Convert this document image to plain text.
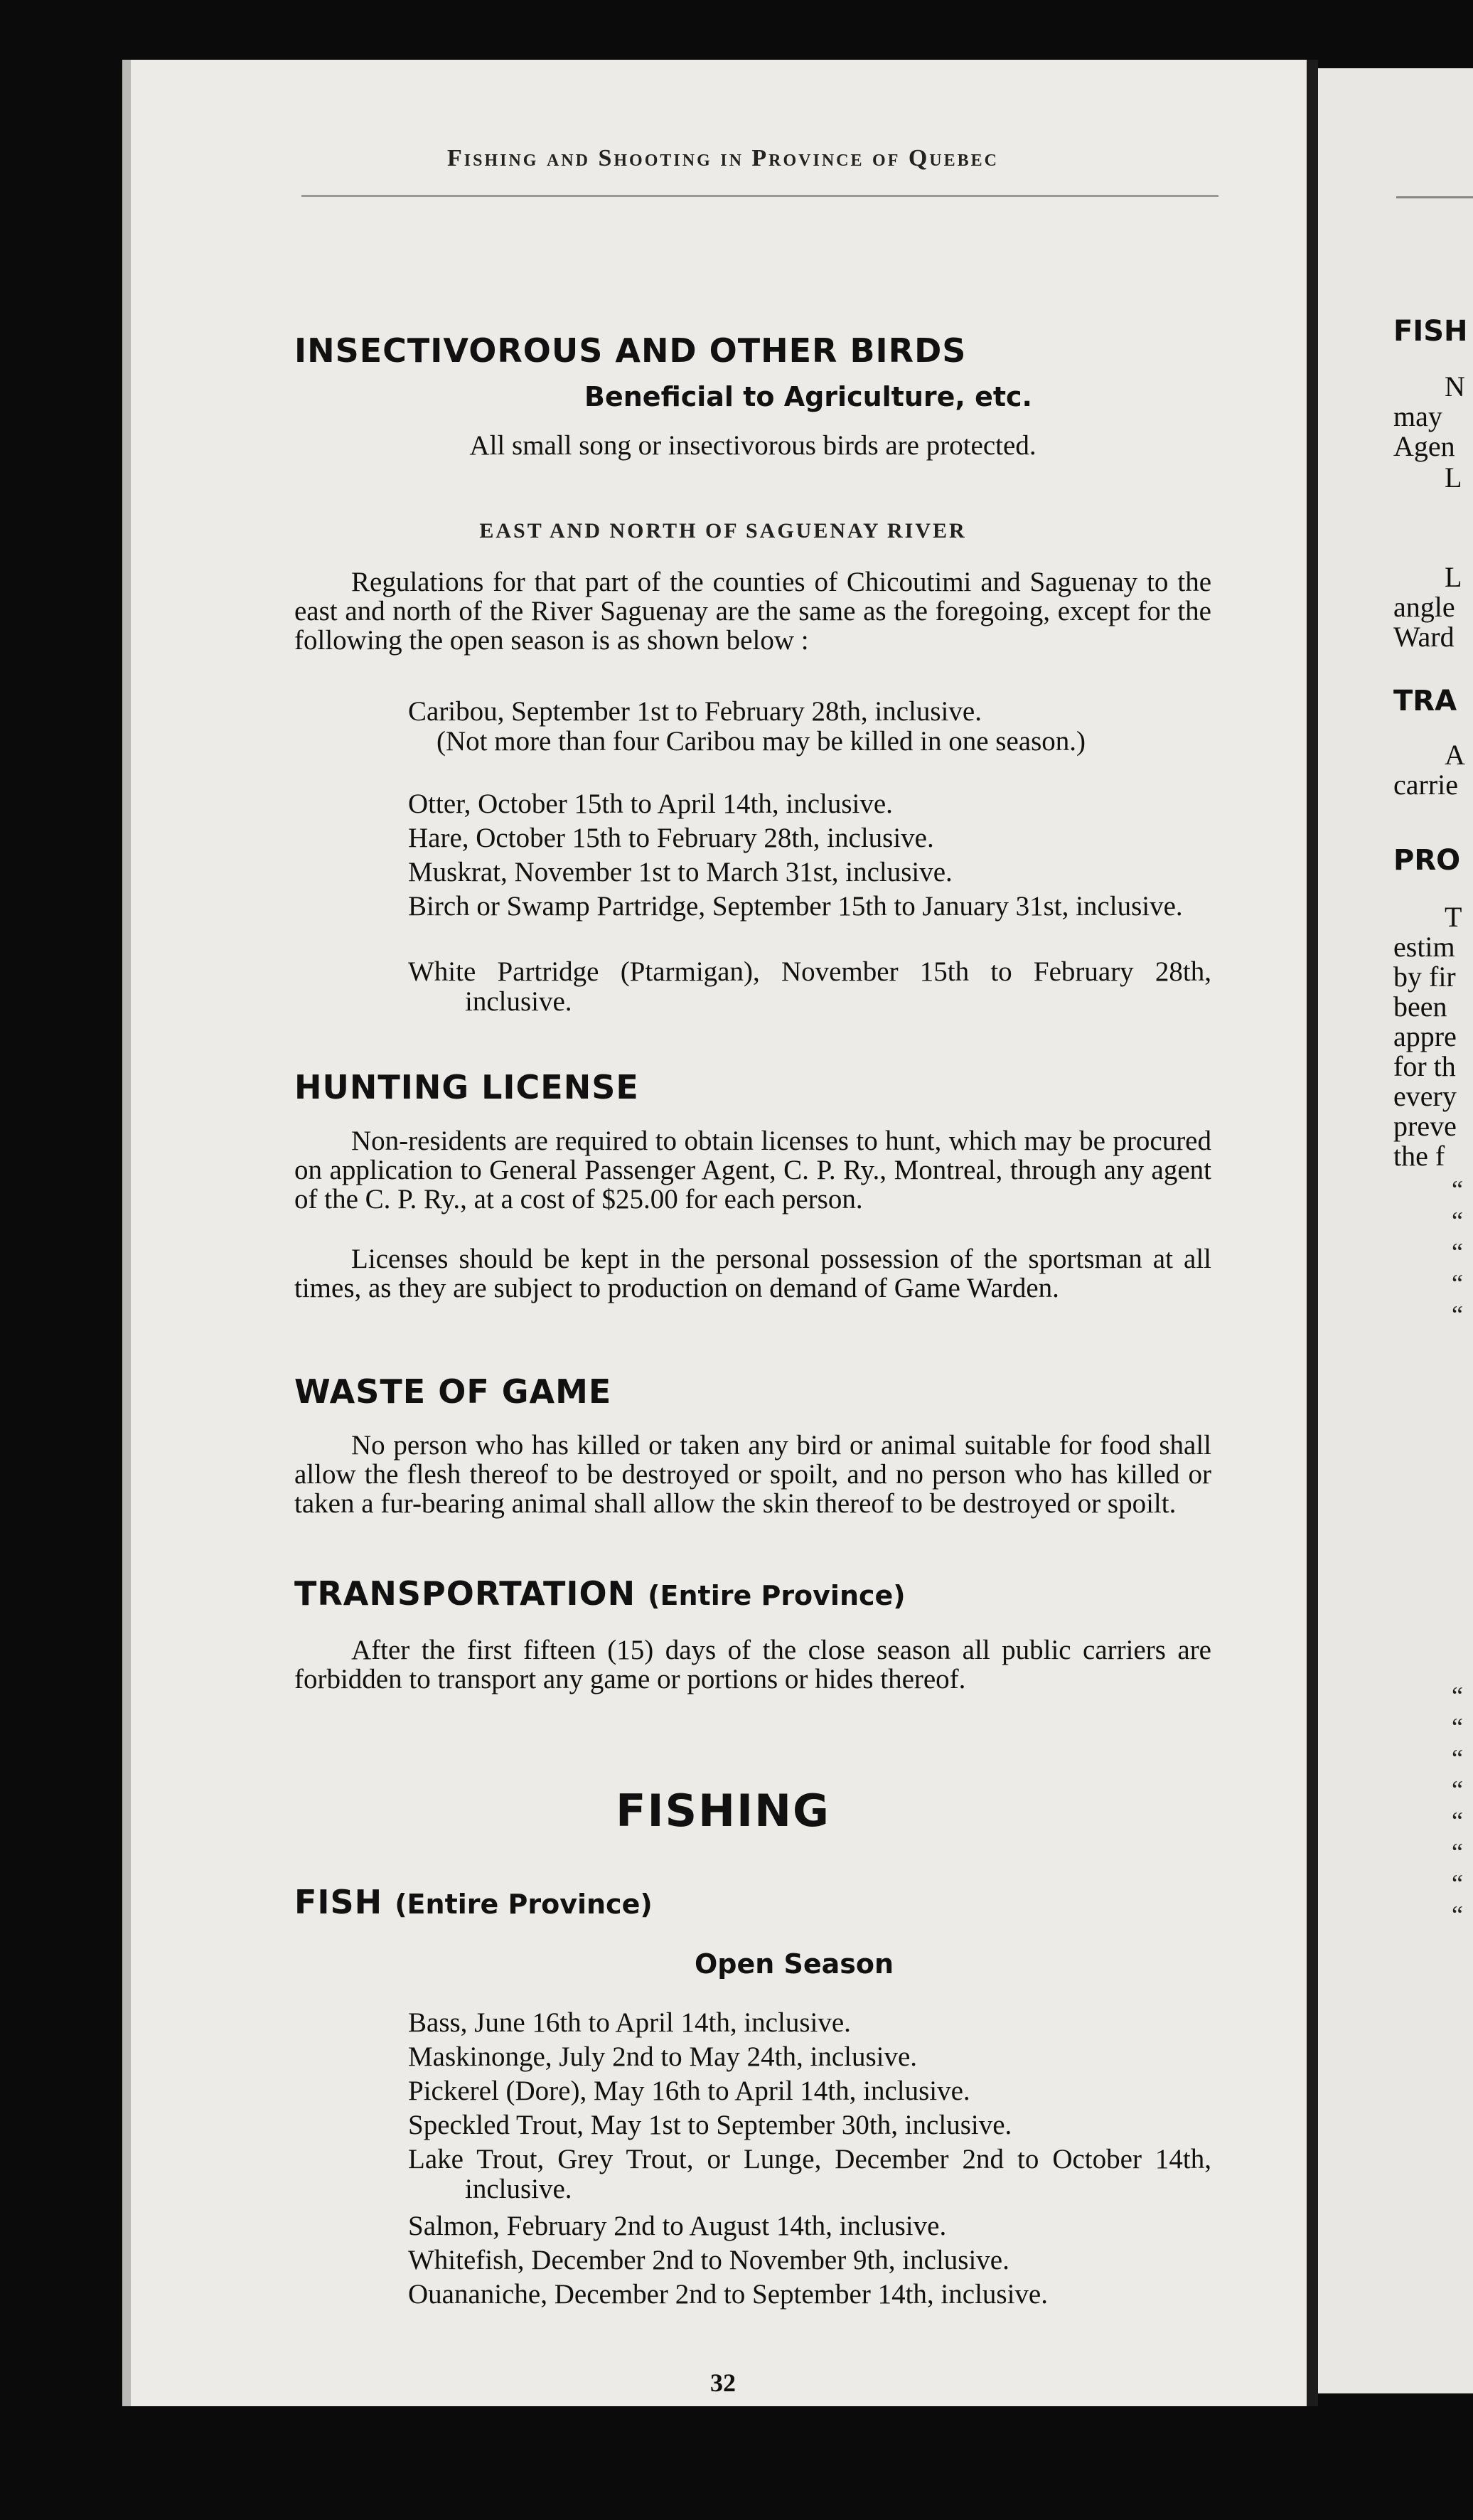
Fishing and Shooting in Province of Quebec
INSECTIVOROUS AND OTHER BIRDS
Beneficial to Agriculture, etc.
All small song or insectivorous birds are protected.
EAST AND NORTH OF SAGUENAY RIVER
Regulations for that part of the counties of Chicoutimi and Saguenay to the east and north of the River Saguenay are the same as the foregoing, except for the following the open season is as shown below :
Caribou, September 1st to February 28th, inclusive.
(Not more than four Caribou may be killed in one season.)
Otter, October 15th to April 14th, inclusive.
Hare, October 15th to February 28th, inclusive.
Muskrat, November 1st to March 31st, inclusive.
Birch or Swamp Partridge, September 15th to January 31st, inclusive.
White Partridge (Ptarmigan), November 15th to February 28th, inclusive.
HUNTING LICENSE
Non-residents are required to obtain licenses to hunt, which may be procured on application to General Passenger Agent, C. P. Ry., Montreal, through any agent of the C. P. Ry., at a cost of $25.00 for each person.
Licenses should be kept in the personal possession of the sportsman at all times, as they are subject to production on demand of Game Warden.
WASTE OF GAME
No person who has killed or taken any bird or animal suitable for food shall allow the flesh thereof to be destroyed or spoilt, and no person who has killed or taken a fur-bearing animal shall allow the skin thereof to be destroyed or spoilt.
TRANSPORTATION (Entire Province)
After the first fifteen (15) days of the close season all public carriers are forbidden to transport any game or portions or hides thereof.
FISHING
FISH (Entire Province)
Open Season
Bass, June 16th to April 14th, inclusive.
Maskinonge, July 2nd to May 24th, inclusive.
Pickerel (Dore), May 16th to April 14th, inclusive.
Speckled Trout, May 1st to September 30th, inclusive.
Lake Trout, Grey Trout, or Lunge, December 2nd to October 14th, inclusive.
Salmon, February 2nd to August 14th, inclusive.
Whitefish, December 2nd to November 9th, inclusive.
Ouananiche, December 2nd to September 14th, inclusive.
32
FISH
N
may
Agen
L
L
angle
Ward
TRA
A
carrie
PRO
T
estim
by fir
been
appre
for th
every
preve
the f
“
“
“
“
“
“
“
“
“
“
“
“
“
